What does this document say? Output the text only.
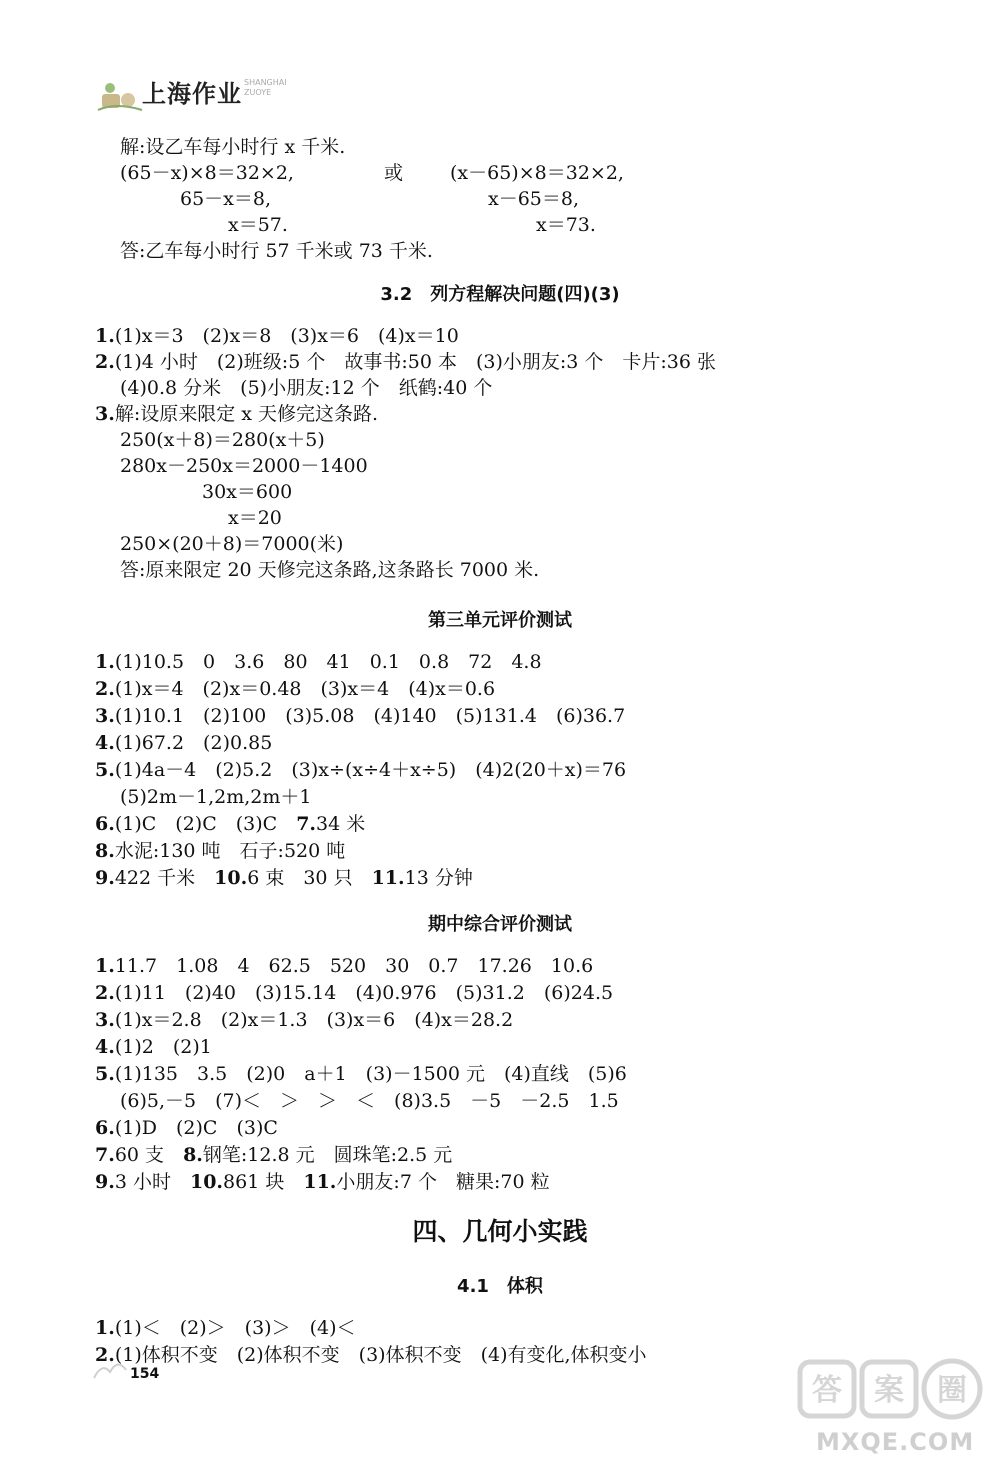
上海作业 SHANGHAI
ZUOYE
解:设乙车每小时行 x 千米.
(65－x)×8＝32×2,	或 (x－65)×8＝32×2,
65－x＝8,	x－65＝8,
x＝57.	x＝73.
答:乙车每小时行 57 千米或 73 千米.
3.2　列方程解决问题(四)(3)
1.(1)x＝3　(2)x＝8　(3)x＝6　(4)x＝10
2.(1)4 小时　(2)班级:5 个　故事书:50 本　(3)小朋友:3 个　卡片:36 张
(4)0.8 分米　(5)小朋友:12 个　纸鹤:40 个
3.解:设原来限定 x 天修完这条路.
250(x＋8)＝280(x＋5)
280x－250x＝2000－1400
30x＝600
x＝20
250×(20＋8)＝7000(米)
答:原来限定 20 天修完这条路,这条路长 7000 米.
第三单元评价测试
1.(1)10.5　0　3.6　80　41　0.1　0.8　72　4.8
2.(1)x＝4　(2)x＝0.48　(3)x＝4　(4)x＝0.6
3.(1)10.1　(2)100　(3)5.08　(4)140　(5)131.4　(6)36.7
4.(1)67.2　(2)0.85
5.(1)4a－4　(2)5.2　(3)x÷(x÷4＋x÷5)　(4)2(20＋x)＝76
(5)2m－1,2m,2m＋1
6.(1)C　(2)C　(3)C　7.34 米
8.水泥:130 吨　石子:520 吨
9.422 千米　10.6 束　30 只　11.13 分钟
期中综合评价测试
1.11.7　1.08　4　62.5　520　30　0.7　17.26　10.6
2.(1)11　(2)40　(3)15.14　(4)0.976　(5)31.2　(6)24.5
3.(1)x＝2.8　(2)x＝1.3　(3)x＝6　(4)x＝28.2
4.(1)2　(2)1
5.(1)135　3.5　(2)0　a＋1　(3)－1500 元　(4)直线　(5)6
(6)5,－5　(7)＜　＞　＞　＜　(8)3.5　－5　－2.5　1.5
6.(1)D　(2)C　(3)C
7.60 支　8.钢笔:12.8 元　圆珠笔:2.5 元
9.3 小时　10.861 块　11.小朋友:7 个　糖果:70 粒
四、几何小实践
4.1　体积
1.(1)＜　(2)＞　(3)＞　(4)＜
2.(1)体积不变　(2)体积不变　(3)体积不变　(4)有变化,体积变小
154	答 案 圈
MXQE.COM
